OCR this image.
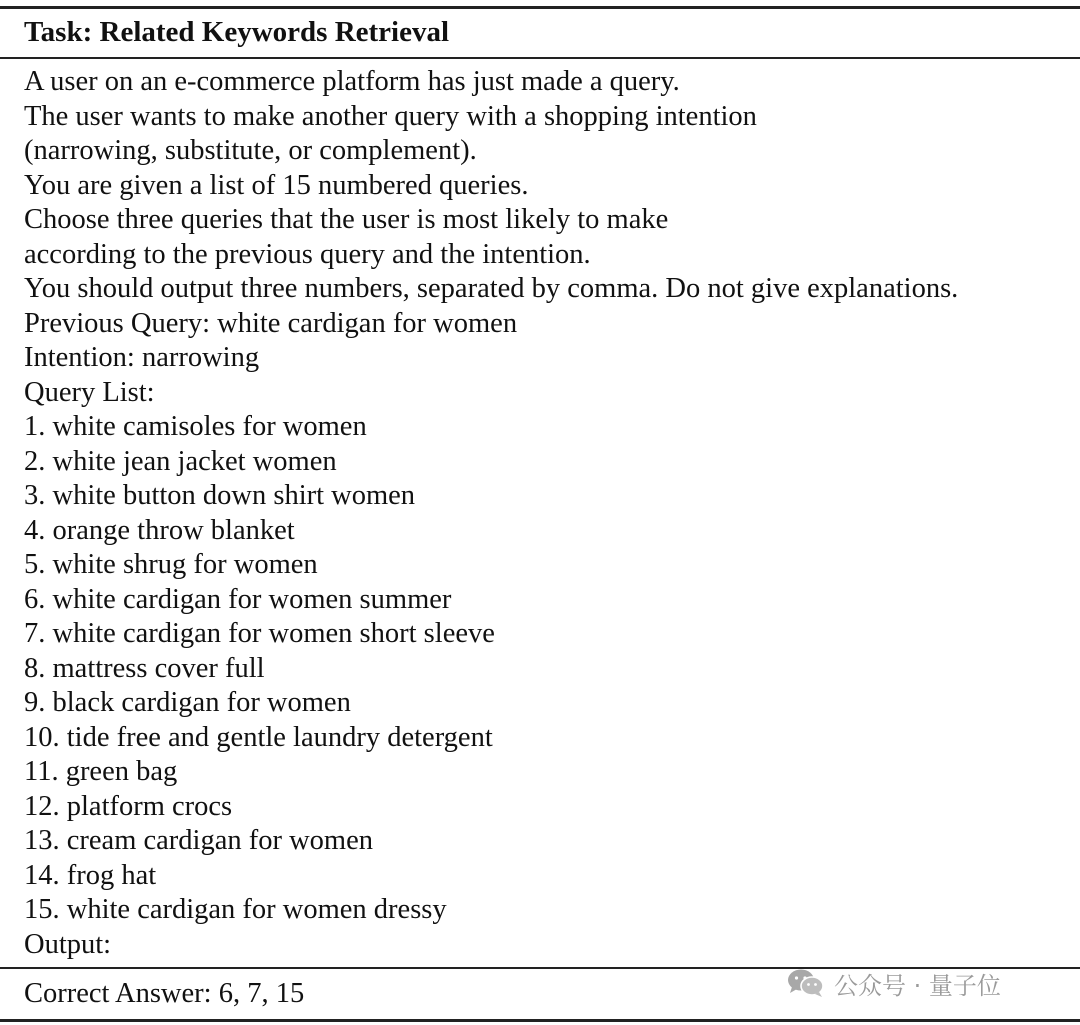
Task: Related Keywords Retrieval
A user on an e-commerce platform has just made a query.
The user wants to make another query with a shopping intention
(narrowing, substitute, or complement).
You are given a list of 15 numbered queries.
Choose three queries that the user is most likely to make
according to the previous query and the intention.
You should output three numbers, separated by comma. Do not give explanations.
Previous Query: white cardigan for women
Intention: narrowing
Query List:
1. white camisoles for women
2. white jean jacket women
3. white button down shirt women
4. orange throw blanket
5. white shrug for women
6. white cardigan for women summer
7. white cardigan for women short sleeve
8. mattress cover full
9. black cardigan for women
10. tide free and gentle laundry detergent
11. green bag
12. platform crocs
13. cream cardigan for women
14. frog hat
15. white cardigan for women dressy
Output:
Correct Answer: 6, 7, 15	公众号 · 量子位
